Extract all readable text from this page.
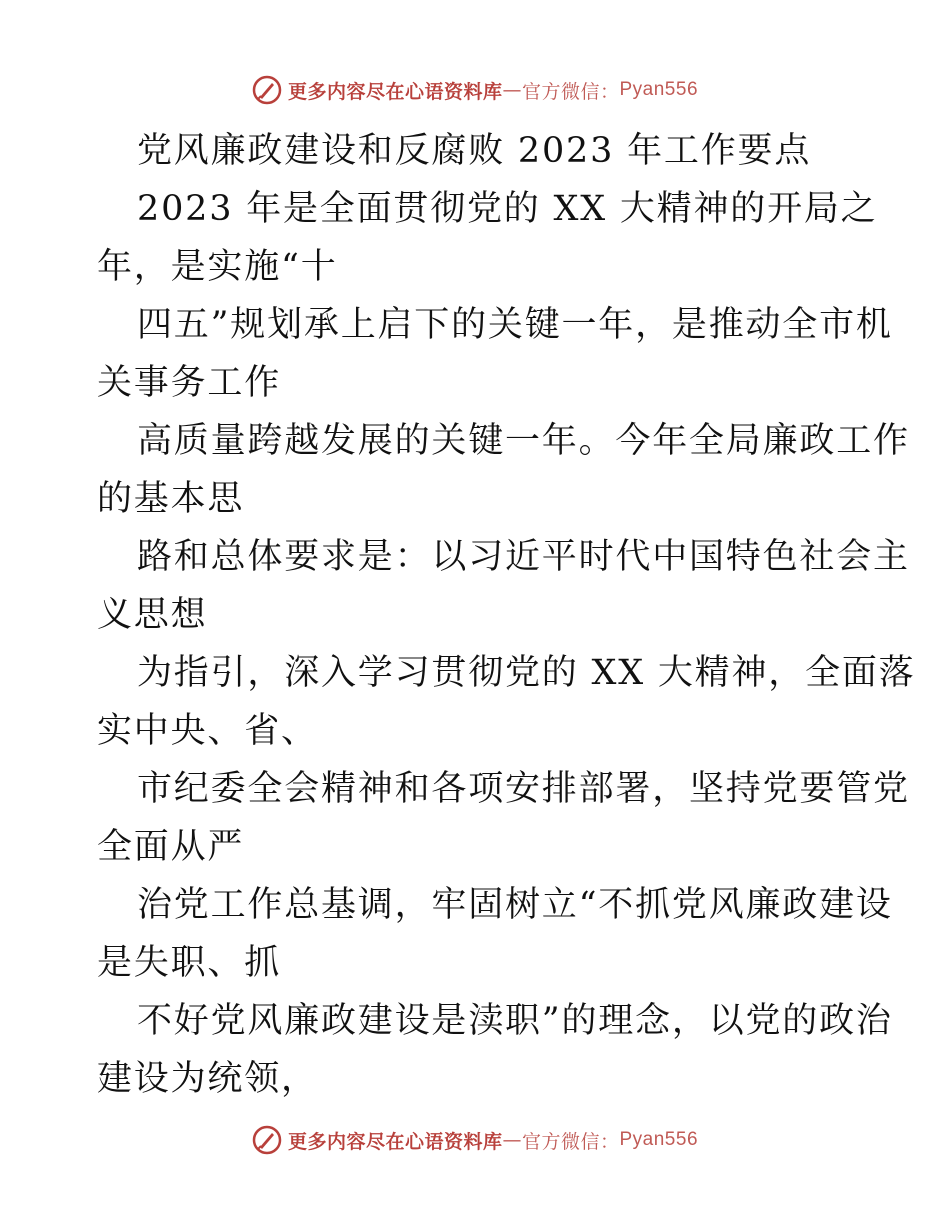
更多内容尽在心语资料库 — 官方微信： Pyan556
党风廉政建设和反腐败 2023 年工作要点
2023 年是全面贯彻党的 XX 大精神的开局之
年，是实施“十
四五”规划承上启下的关键一年，是推动全市机
关事务工作
高质量跨越发展的关键一年。今年全局廉政工作
的基本思
路和总体要求是：以习近平时代中国特色社会主
义思想
为指引，深入学习贯彻党的 XX 大精神，全面落
实中央、省、
市纪委全会精神和各项安排部署，坚持党要管党
全面从严
治党工作总基调，牢固树立“不抓党风廉政建设
是失职、抓
不好党风廉政建设是渎职”的理念，以党的政治
建设为统领，
更多内容尽在心语资料库 — 官方微信： Pyan556
